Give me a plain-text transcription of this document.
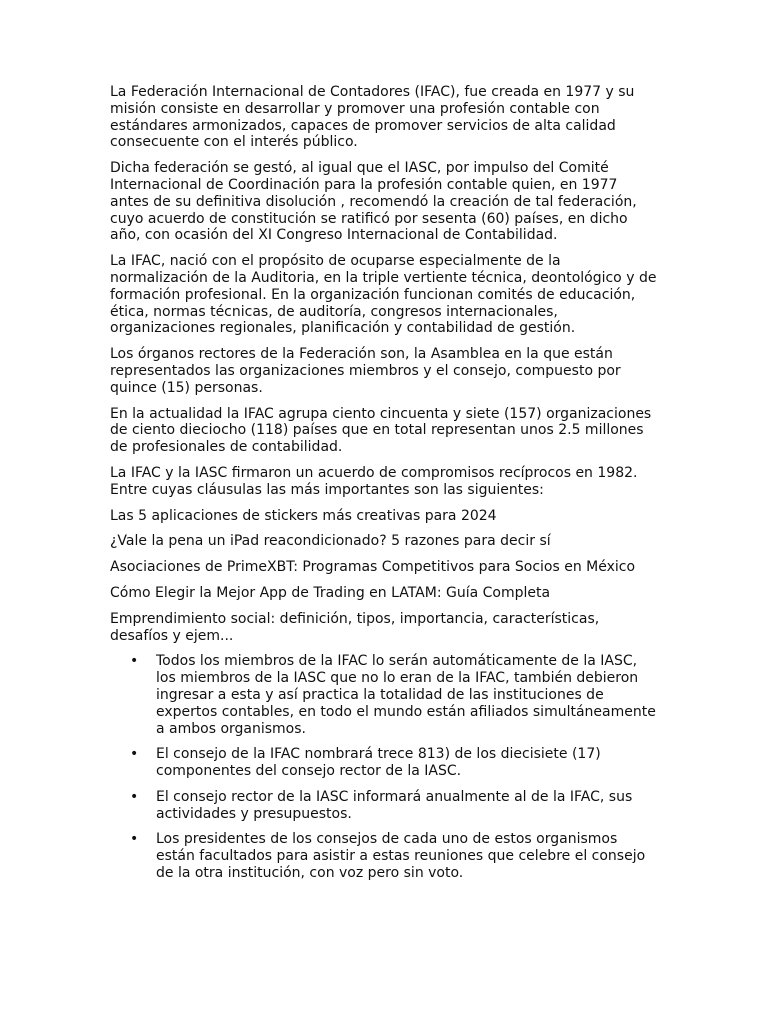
La Federación Internacional de Contadores (IFAC), fue creada en 1977 y su misión consiste en desarrollar y promover una profesión contable con estándares armonizados, capaces de promover servicios de alta calidad consecuente con el interés público.

Dicha federación se gestó, al igual que el IASC, por impulso del Comité Internacional de Coordinación para la profesión contable quien, en 1977 antes de su definitiva disolución , recomendó la creación de tal federación, cuyo acuerdo de constitución se ratificó por sesenta (60) países, en dicho año, con ocasión del XI Congreso Internacional de Contabilidad.

La IFAC, nació con el propósito de ocuparse especialmente de la normalización de la Auditoria, en la triple vertiente técnica, deontológico y de formación profesional. En la organización funcionan comités de educación, ética, normas técnicas, de auditoría, congresos internacionales, organizaciones regionales, planificación y contabilidad de gestión.

Los órganos rectores de la Federación son, la Asamblea en la que están representados las organizaciones miembros y el consejo, compuesto por quince (15) personas.

En la actualidad la IFAC agrupa ciento cincuenta y siete (157) organizaciones de ciento dieciocho (118) países que en total representan unos 2.5 millones de profesionales de contabilidad.

La IFAC y la IASC firmaron un acuerdo de compromisos recíprocos en 1982. Entre cuyas cláusulas las más importantes son las siguientes:

Las 5 aplicaciones de stickers más creativas para 2024

¿Vale la pena un iPad reacondicionado? 5 razones para decir sí

Asociaciones de PrimeXBT: Programas Competitivos para Socios en México

Cómo Elegir la Mejor App de Trading en LATAM: Guía Completa

Emprendimiento social: definición, tipos, importancia, características, desafíos y ejem...

• Todos los miembros de la IFAC lo serán automáticamente de la IASC, los miembros de la IASC que no lo eran de la IFAC, también debieron ingresar a esta y así practica la totalidad de las instituciones de expertos contables, en todo el mundo están afiliados simultáneamente a ambos organismos.
• El consejo de la IFAC nombrará trece 813) de los diecisiete (17) componentes del consejo rector de la IASC.
• El consejo rector de la IASC informará anualmente al de la IFAC, sus actividades y presupuestos.
• Los presidentes de los consejos de cada uno de estos organismos están facultados para asistir a estas reuniones que celebre el consejo de la otra institución, con voz pero sin voto.
